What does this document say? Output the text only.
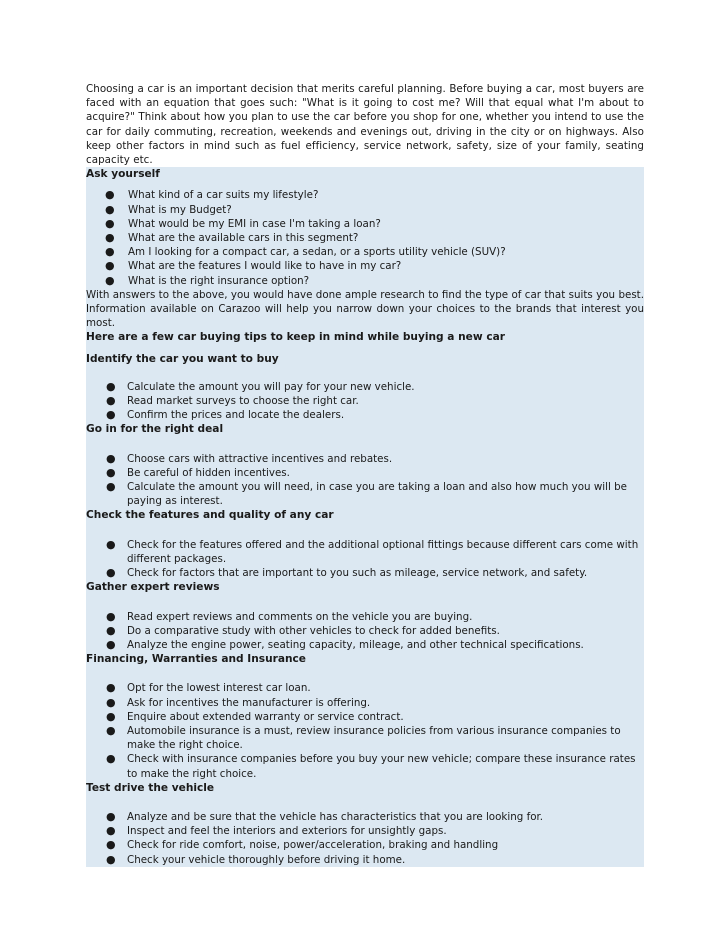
Choosing a car is an important decision that merits careful planning. Before buying a car, most buyers are faced with an equation that goes such: "What is it going to cost me? Will that equal what I'm about to acquire?" Think about how you plan to use the car before you shop for one, whether you intend to use the car for daily commuting, recreation, weekends and evenings out, driving in the city or on highways. Also keep other factors in mind such as fuel efficiency, service network, safety, size of your family, seating capacity etc.
Ask yourself
● What kind of a car suits my lifestyle?
● What is my Budget?
● What would be my EMI in case I'm taking a loan?
● What are the available cars in this segment?
● Am I looking for a compact car, a sedan, or a sports utility vehicle (SUV)?
● What are the features I would like to have in my car?
● What is the right insurance option?
With answers to the above, you would have done ample research to find the type of car that suits you best. Information available on Carazoo will help you narrow down your choices to the brands that interest you most.
Here are a few car buying tips to keep in mind while buying a new car
Identify the car you want to buy
● Calculate the amount you will pay for your new vehicle.
● Read market surveys to choose the right car.
● Confirm the prices and locate the dealers.
Go in for the right deal
● Choose cars with attractive incentives and rebates.
● Be careful of hidden incentives.
● Calculate the amount you will need, in case you are taking a loan and also how much you will be paying as interest.
Check the features and quality of any car
● Check for the features offered and the additional optional fittings because different cars come with different packages.
● Check for factors that are important to you such as mileage, service network, and safety.
Gather expert reviews
● Read expert reviews and comments on the vehicle you are buying.
● Do a comparative study with other vehicles to check for added benefits.
● Analyze the engine power, seating capacity, mileage, and other technical specifications.
Financing, Warranties and Insurance
● Opt for the lowest interest car loan.
● Ask for incentives the manufacturer is offering.
● Enquire about extended warranty or service contract.
● Automobile insurance is a must, review insurance policies from various insurance companies to make the right choice.
● Check with insurance companies before you buy your new vehicle; compare these insurance rates to make the right choice.
Test drive the vehicle
● Analyze and be sure that the vehicle has characteristics that you are looking for.
● Inspect and feel the interiors and exteriors for unsightly gaps.
● Check for ride comfort, noise, power/acceleration, braking and handling
● Check your vehicle thoroughly before driving it home.
